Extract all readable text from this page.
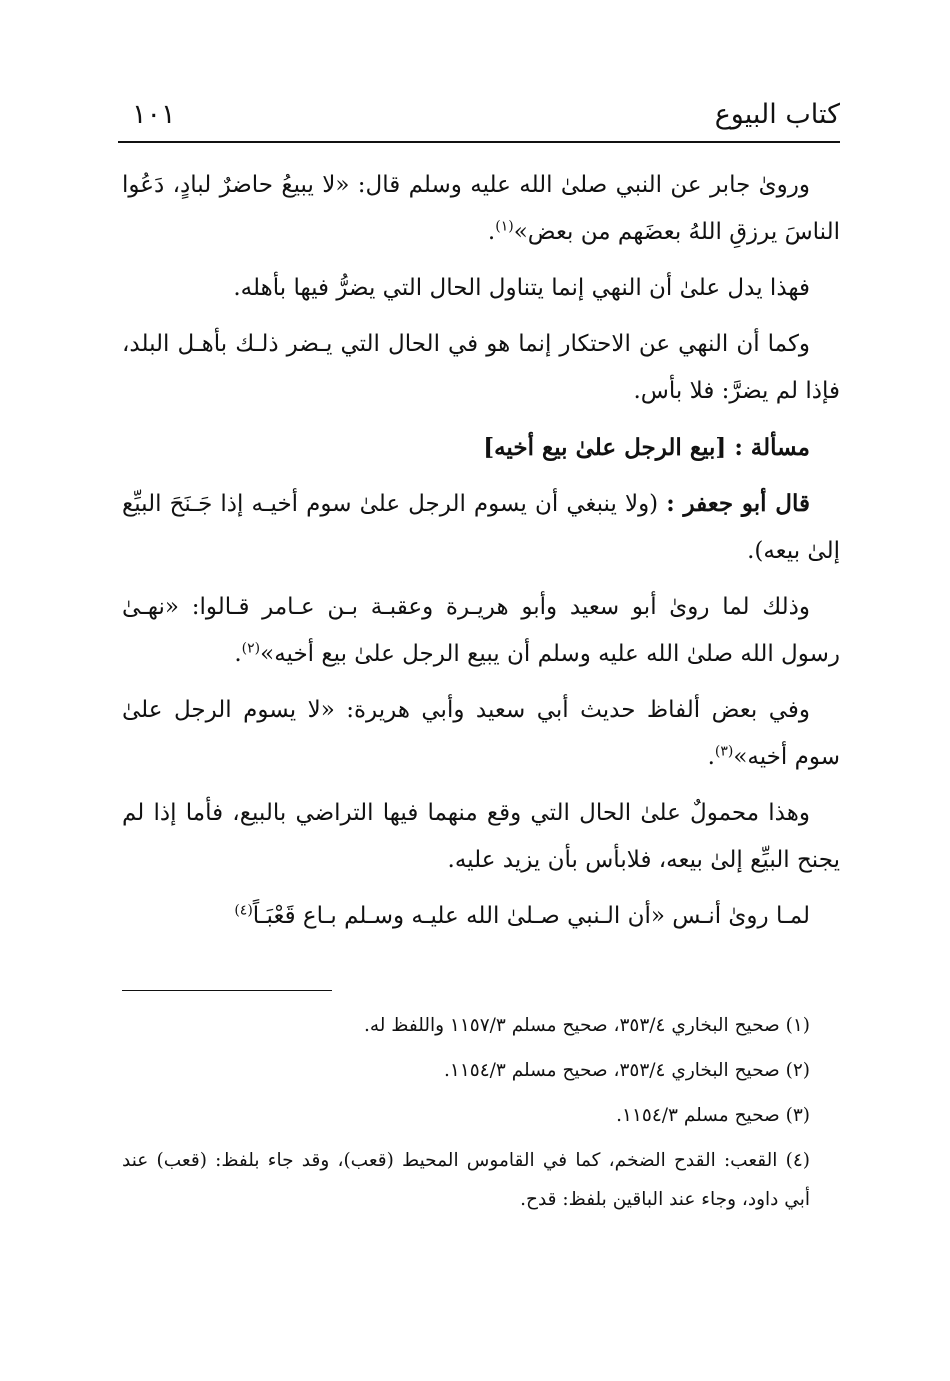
كتاب البيوع
١٠١

وروىٰ جابر عن النبي صلىٰ الله عليه وسلم قال: «لا يبيعُ حاضرٌ لبادٍ، دَعُوا الناسَ يرزقِ اللهُ بعضَهم من بعض»$^{(١)}$.

فهذا يدل علىٰ أن النهي إنما يتناول الحال التي يضرُّ فيها بأهله.

وكما أن النهي عن الاحتكار إنما هو في الحال التي يـضر ذلـك بأهـل البلد، فإذا لم يضرَّ: فلا بأس.

مسألة : [بيع الرجل علىٰ بيع أخيه]

قال أبو جعفر : (ولا ينبغي أن يسوم الرجل علىٰ سوم أخيـه إذا جَـنَحَ البيِّع إلىٰ بيعه).

وذلك لما روىٰ أبو سعيد وأبو هريـرة وعقبـة بـن عـامر قـالوا: «نهـىٰ رسول الله صلىٰ الله عليه وسلم أن يبيع الرجل علىٰ بيع أخيه»$^{(٢)}$.

وفي بعض ألفاظ حديث أبي سعيد وأبي هريرة: «لا يسوم الرجل علىٰ سوم أخيه»$^{(٣)}$.

وهذا محمولٌ علىٰ الحال التي وقع منهما فيها التراضي بالبيع، فأما إذا لم يجنح البيِّع إلىٰ بيعه، فلابأس بأن يزيد عليه.

لمـا روىٰ أنـس «أن الـنبي صـلىٰ الله عليـه وسـلم بـاع قَعْبَـاً$^{(٤)}$

(١) صحيح البخاري ٣٥٣/٤، صحيح مسلم ١١٥٧/٣ واللفظ له.

(٢) صحيح البخاري ٣٥٣/٤، صحيح مسلم ١١٥٤/٣.

(٣) صحيح مسلم ١١٥٤/٣.

(٤) القعب: القدح الضخم، كما في القاموس المحيط (قعب)، وقد جاء بلفظ: (قعب) عند أبي داود، وجاء عند الباقين بلفظ: قدح.
